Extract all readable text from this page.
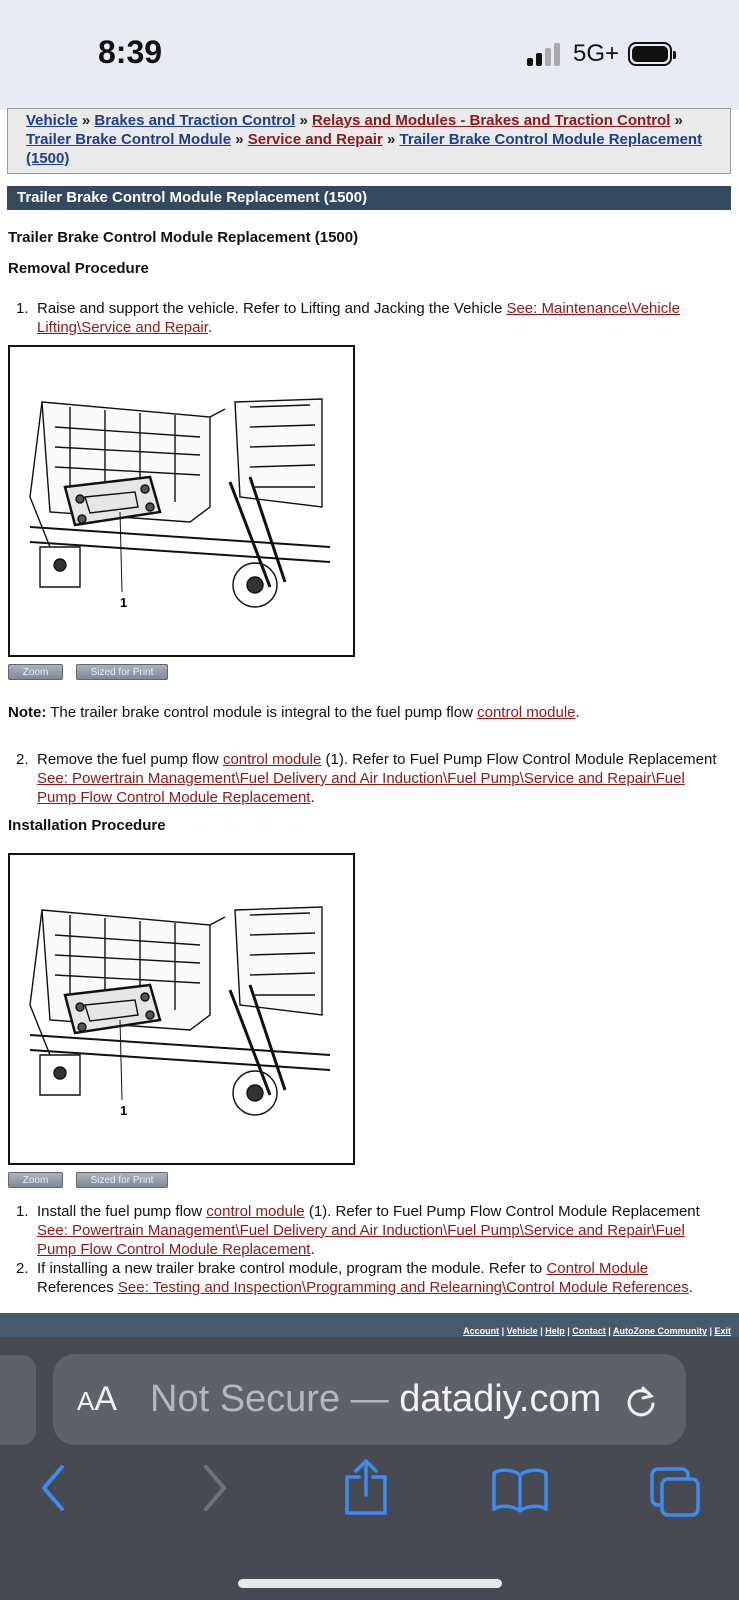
8:39	5G+
Vehicle » Brakes and Traction Control » Relays and Modules - Brakes and Traction Control » Trailer Brake Control Module » Service and Repair » Trailer Brake Control Module Replacement (1500)
Trailer Brake Control Module Replacement (1500)
Trailer Brake Control Module Replacement (1500)
Removal Procedure
1. Raise and support the vehicle. Refer to Lifting and Jacking the Vehicle See: Maintenance\Vehicle Lifting\Service and Repair.
1
Zoom	Sized for Print
Note: The trailer brake control module is integral to the fuel pump flow control module.
2. Remove the fuel pump flow control module (1). Refer to Fuel Pump Flow Control Module Replacement See: Powertrain Management\Fuel Delivery and Air Induction\Fuel Pump\Service and Repair\Fuel Pump Flow Control Module Replacement.
Installation Procedure
1
Zoom	Sized for Print
1. Install the fuel pump flow control module (1). Refer to Fuel Pump Flow Control Module Replacement See: Powertrain Management\Fuel Delivery and Air Induction\Fuel Pump\Service and Repair\Fuel Pump Flow Control Module Replacement.
2. If installing a new trailer brake control module, program the module. Refer to Control Module References See: Testing and Inspection\Programming and Relearning\Control Module References.
Account | Vehicle | Help | Contact | AutoZone Community | Exit
AA Not Secure — datadiy.com
